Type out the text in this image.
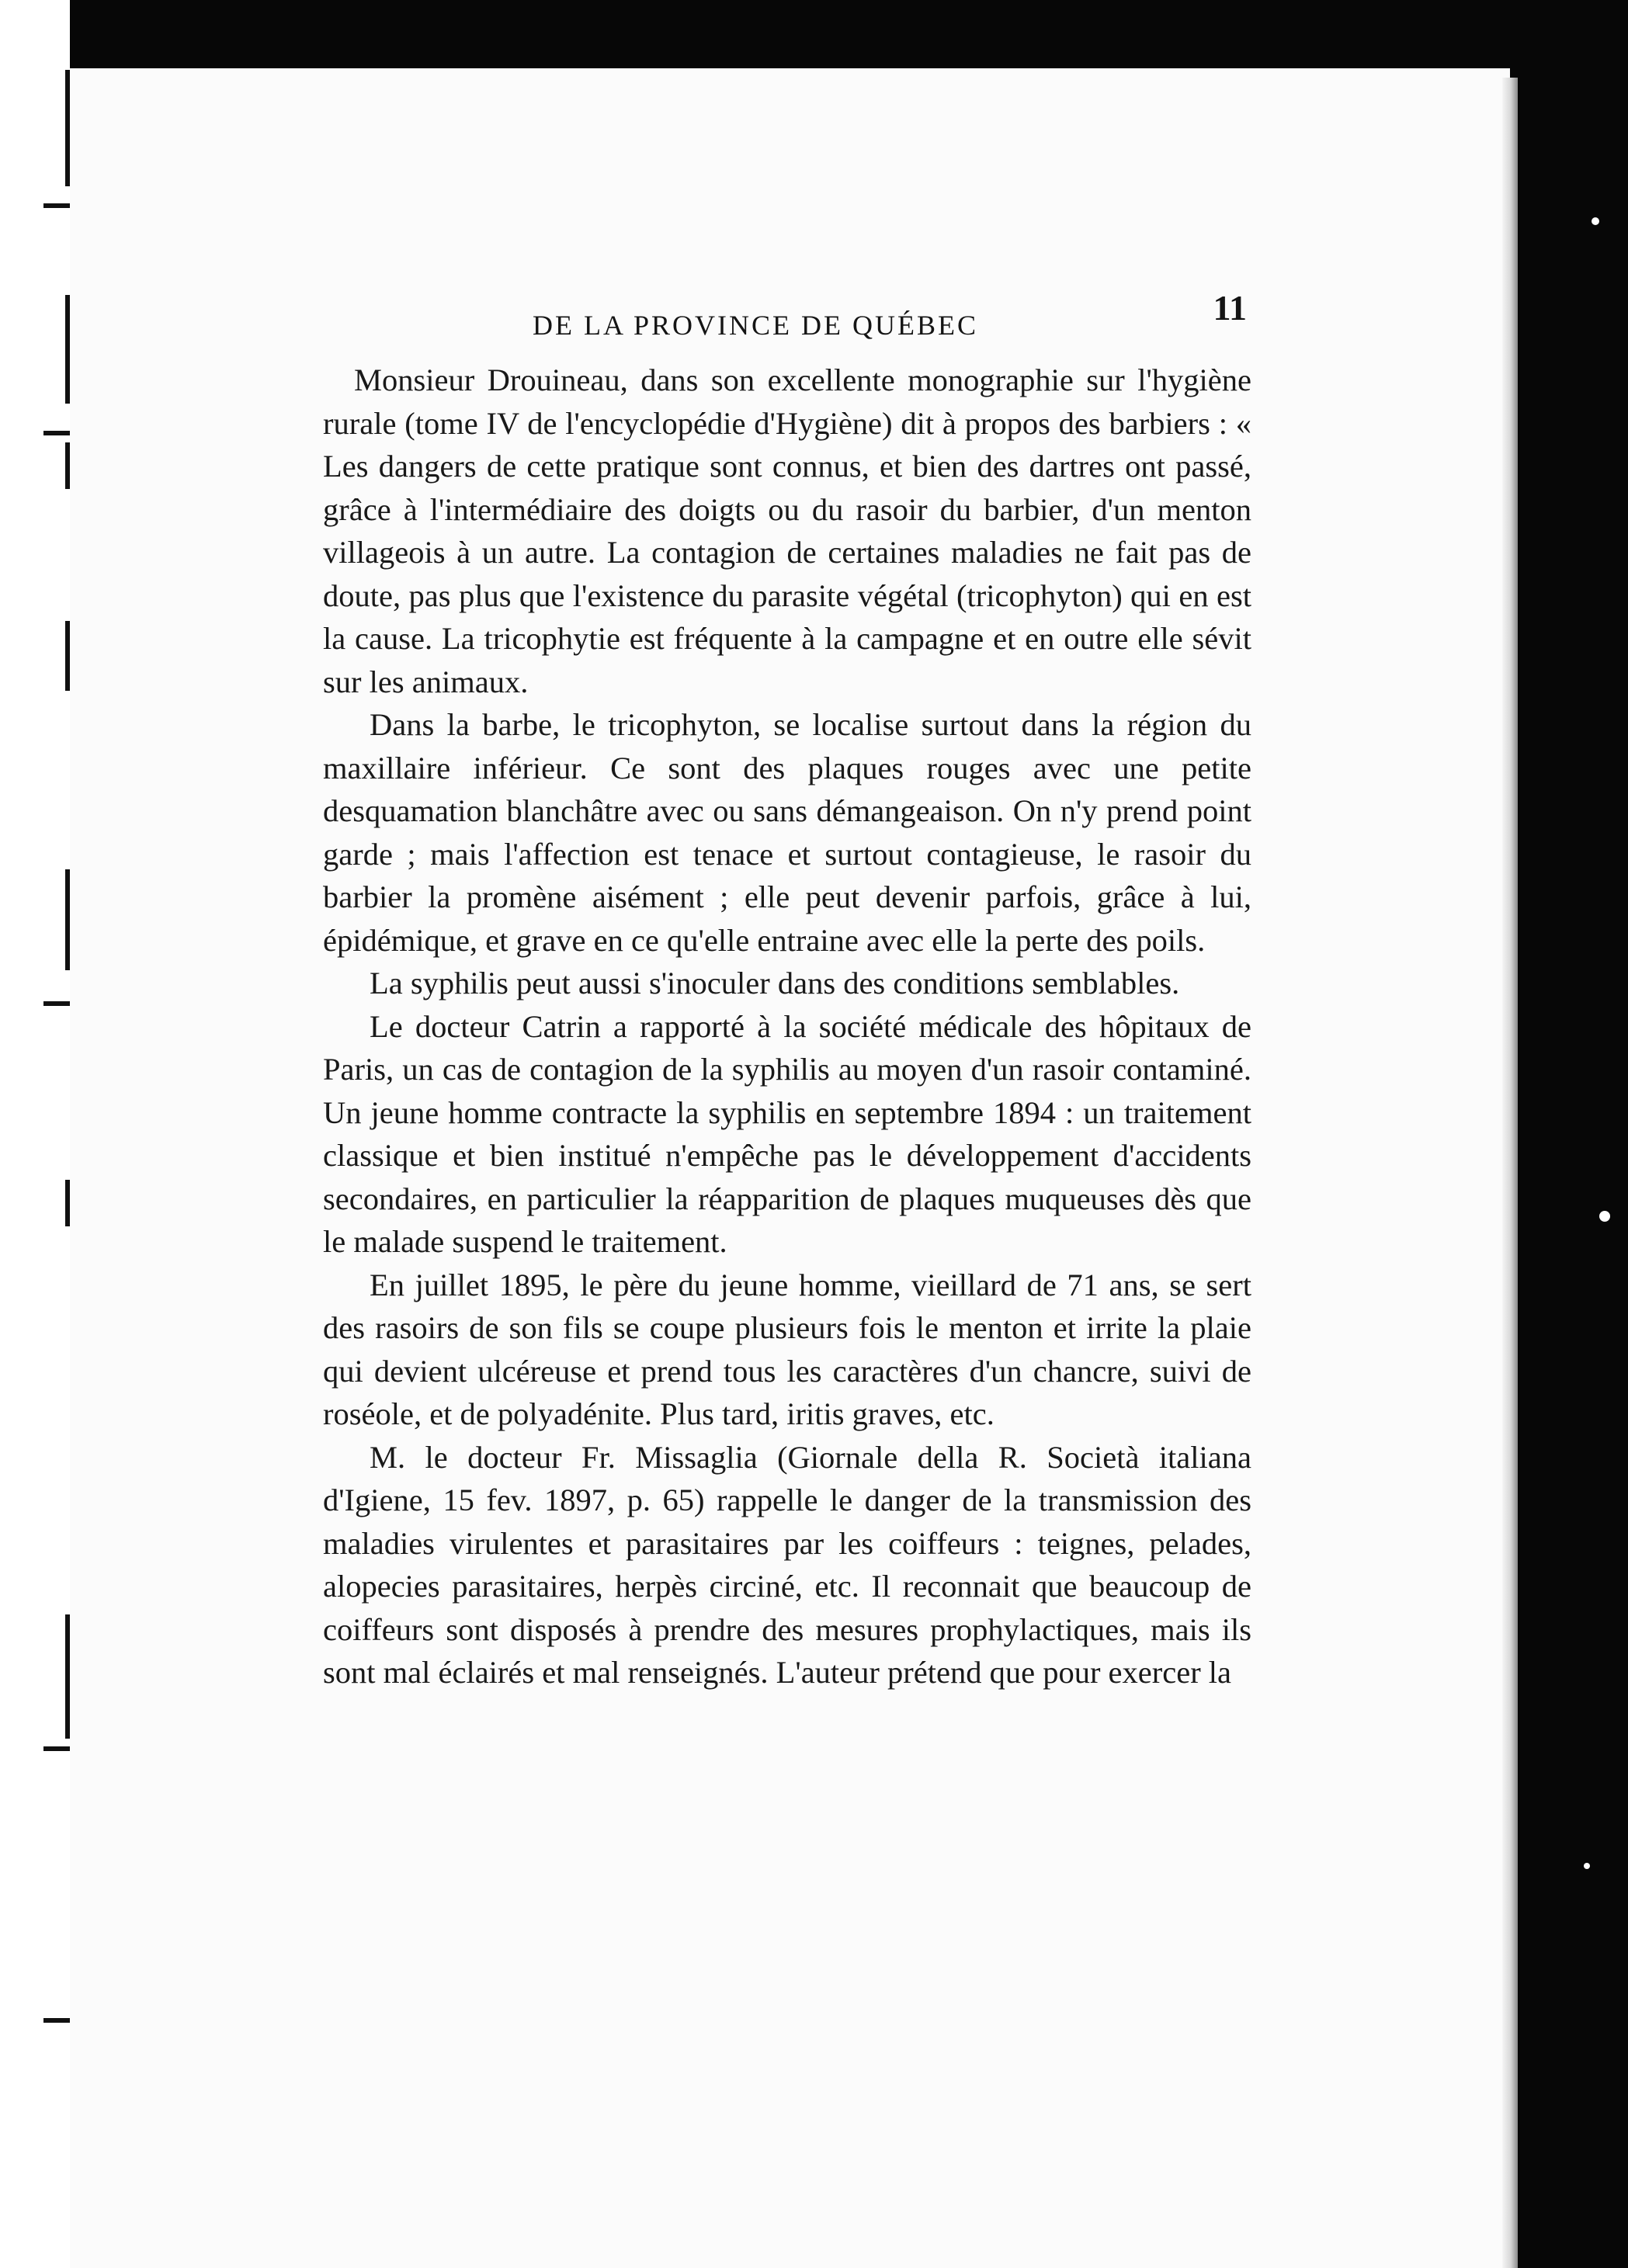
DE LA PROVINCE DE QUÉBEC	11

Monsieur Drouineau, dans son excellente monographie sur l'hygiène rurale (tome IV de l'encyclopédie d'Hygiène) dit à propos des barbiers : « Les dangers de cette pratique sont connus, et bien des dartres ont passé, grâce à l'intermédiaire des doigts ou du rasoir du barbier, d'un menton villageois à un autre. La contagion de certaines maladies ne fait pas de doute, pas plus que l'existence du parasite végétal (tricophyton) qui en est la cause. La tricophytie est fréquente à la campagne et en outre elle sévit sur les animaux.

Dans la barbe, le tricophyton, se localise surtout dans la région du maxillaire inférieur. Ce sont des plaques rouges avec une petite desquamation blanchâtre avec ou sans démangeaison. On n'y prend point garde ; mais l'affection est tenace et surtout contagieuse, le rasoir du barbier la promène aisément ; elle peut devenir parfois, grâce à lui, épidémique, et grave en ce qu'elle entraine avec elle la perte des poils.

La syphilis peut aussi s'inoculer dans des conditions semblables.

Le docteur Catrin a rapporté à la société médicale des hôpitaux de Paris, un cas de contagion de la syphilis au moyen d'un rasoir contaminé. Un jeune homme contracte la syphilis en septembre 1894 : un traitement classique et bien institué n'empêche pas le développement d'accidents secondaires, en particulier la réapparition de plaques muqueuses dès que le malade suspend le traitement.

En juillet 1895, le père du jeune homme, vieillard de 71 ans, se sert des rasoirs de son fils se coupe plusieurs fois le menton et irrite la plaie qui devient ulcéreuse et prend tous les caractères d'un chancre, suivi de roséole, et de polyadénite. Plus tard, iritis graves, etc.

M. le docteur Fr. Missaglia (Giornale della R. Società italiana d'Igiene, 15 fev. 1897, p. 65) rappelle le danger de la transmission des maladies virulentes et parasitaires par les coiffeurs : teignes, pelades, alopecies parasitaires, herpès circiné, etc. Il reconnait que beaucoup de coiffeurs sont disposés à prendre des mesures prophylactiques, mais ils sont mal éclairés et mal renseignés. L'auteur prétend que pour exercer la
